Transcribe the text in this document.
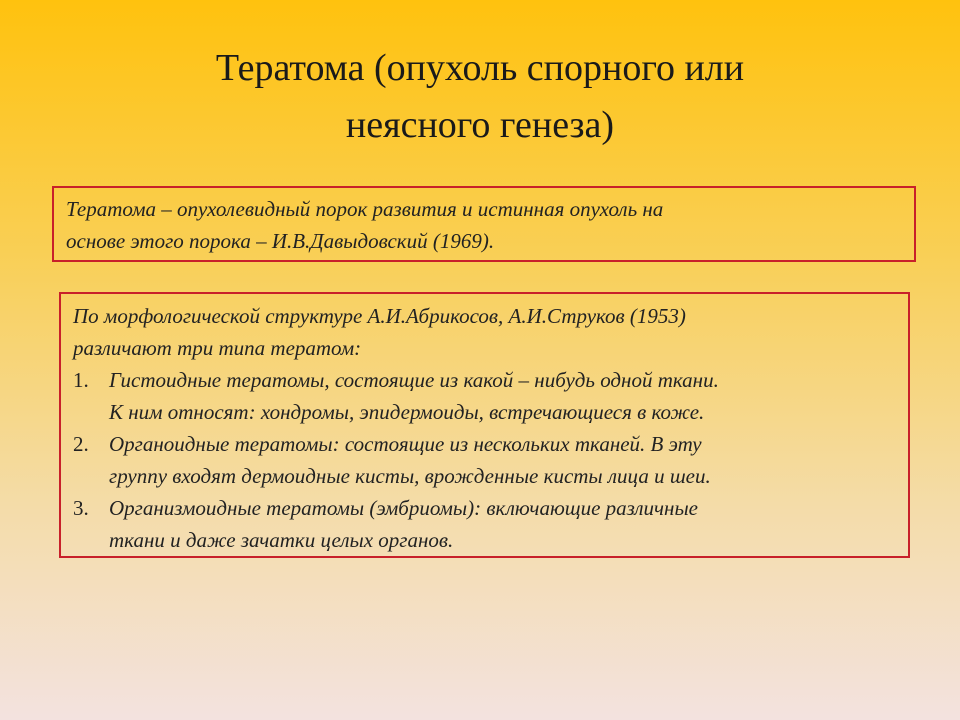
Тератома (опухоль спорного или
неясного генеза)

Тератома – опухолевидный порок развития и истинная опухоль на

основе этого порока – И.В.Давыдовский (1969).

По морфологической структуре А.И.Абрикосов, А.И.Струков (1953)

различают три типа тератом:

1. Гистоидные тератомы, состоящие из какой – нибудь одной ткани.
К ним относят: хондромы, эпидермоиды, встречающиеся в коже.
2. Органоидные тератомы: состоящие из нескольких тканей. В эту
группу входят дермоидные кисты, врожденные кисты лица и шеи.
3. Организмоидные тератомы (эмбриомы): включающие различные
ткани и даже зачатки целых органов.
